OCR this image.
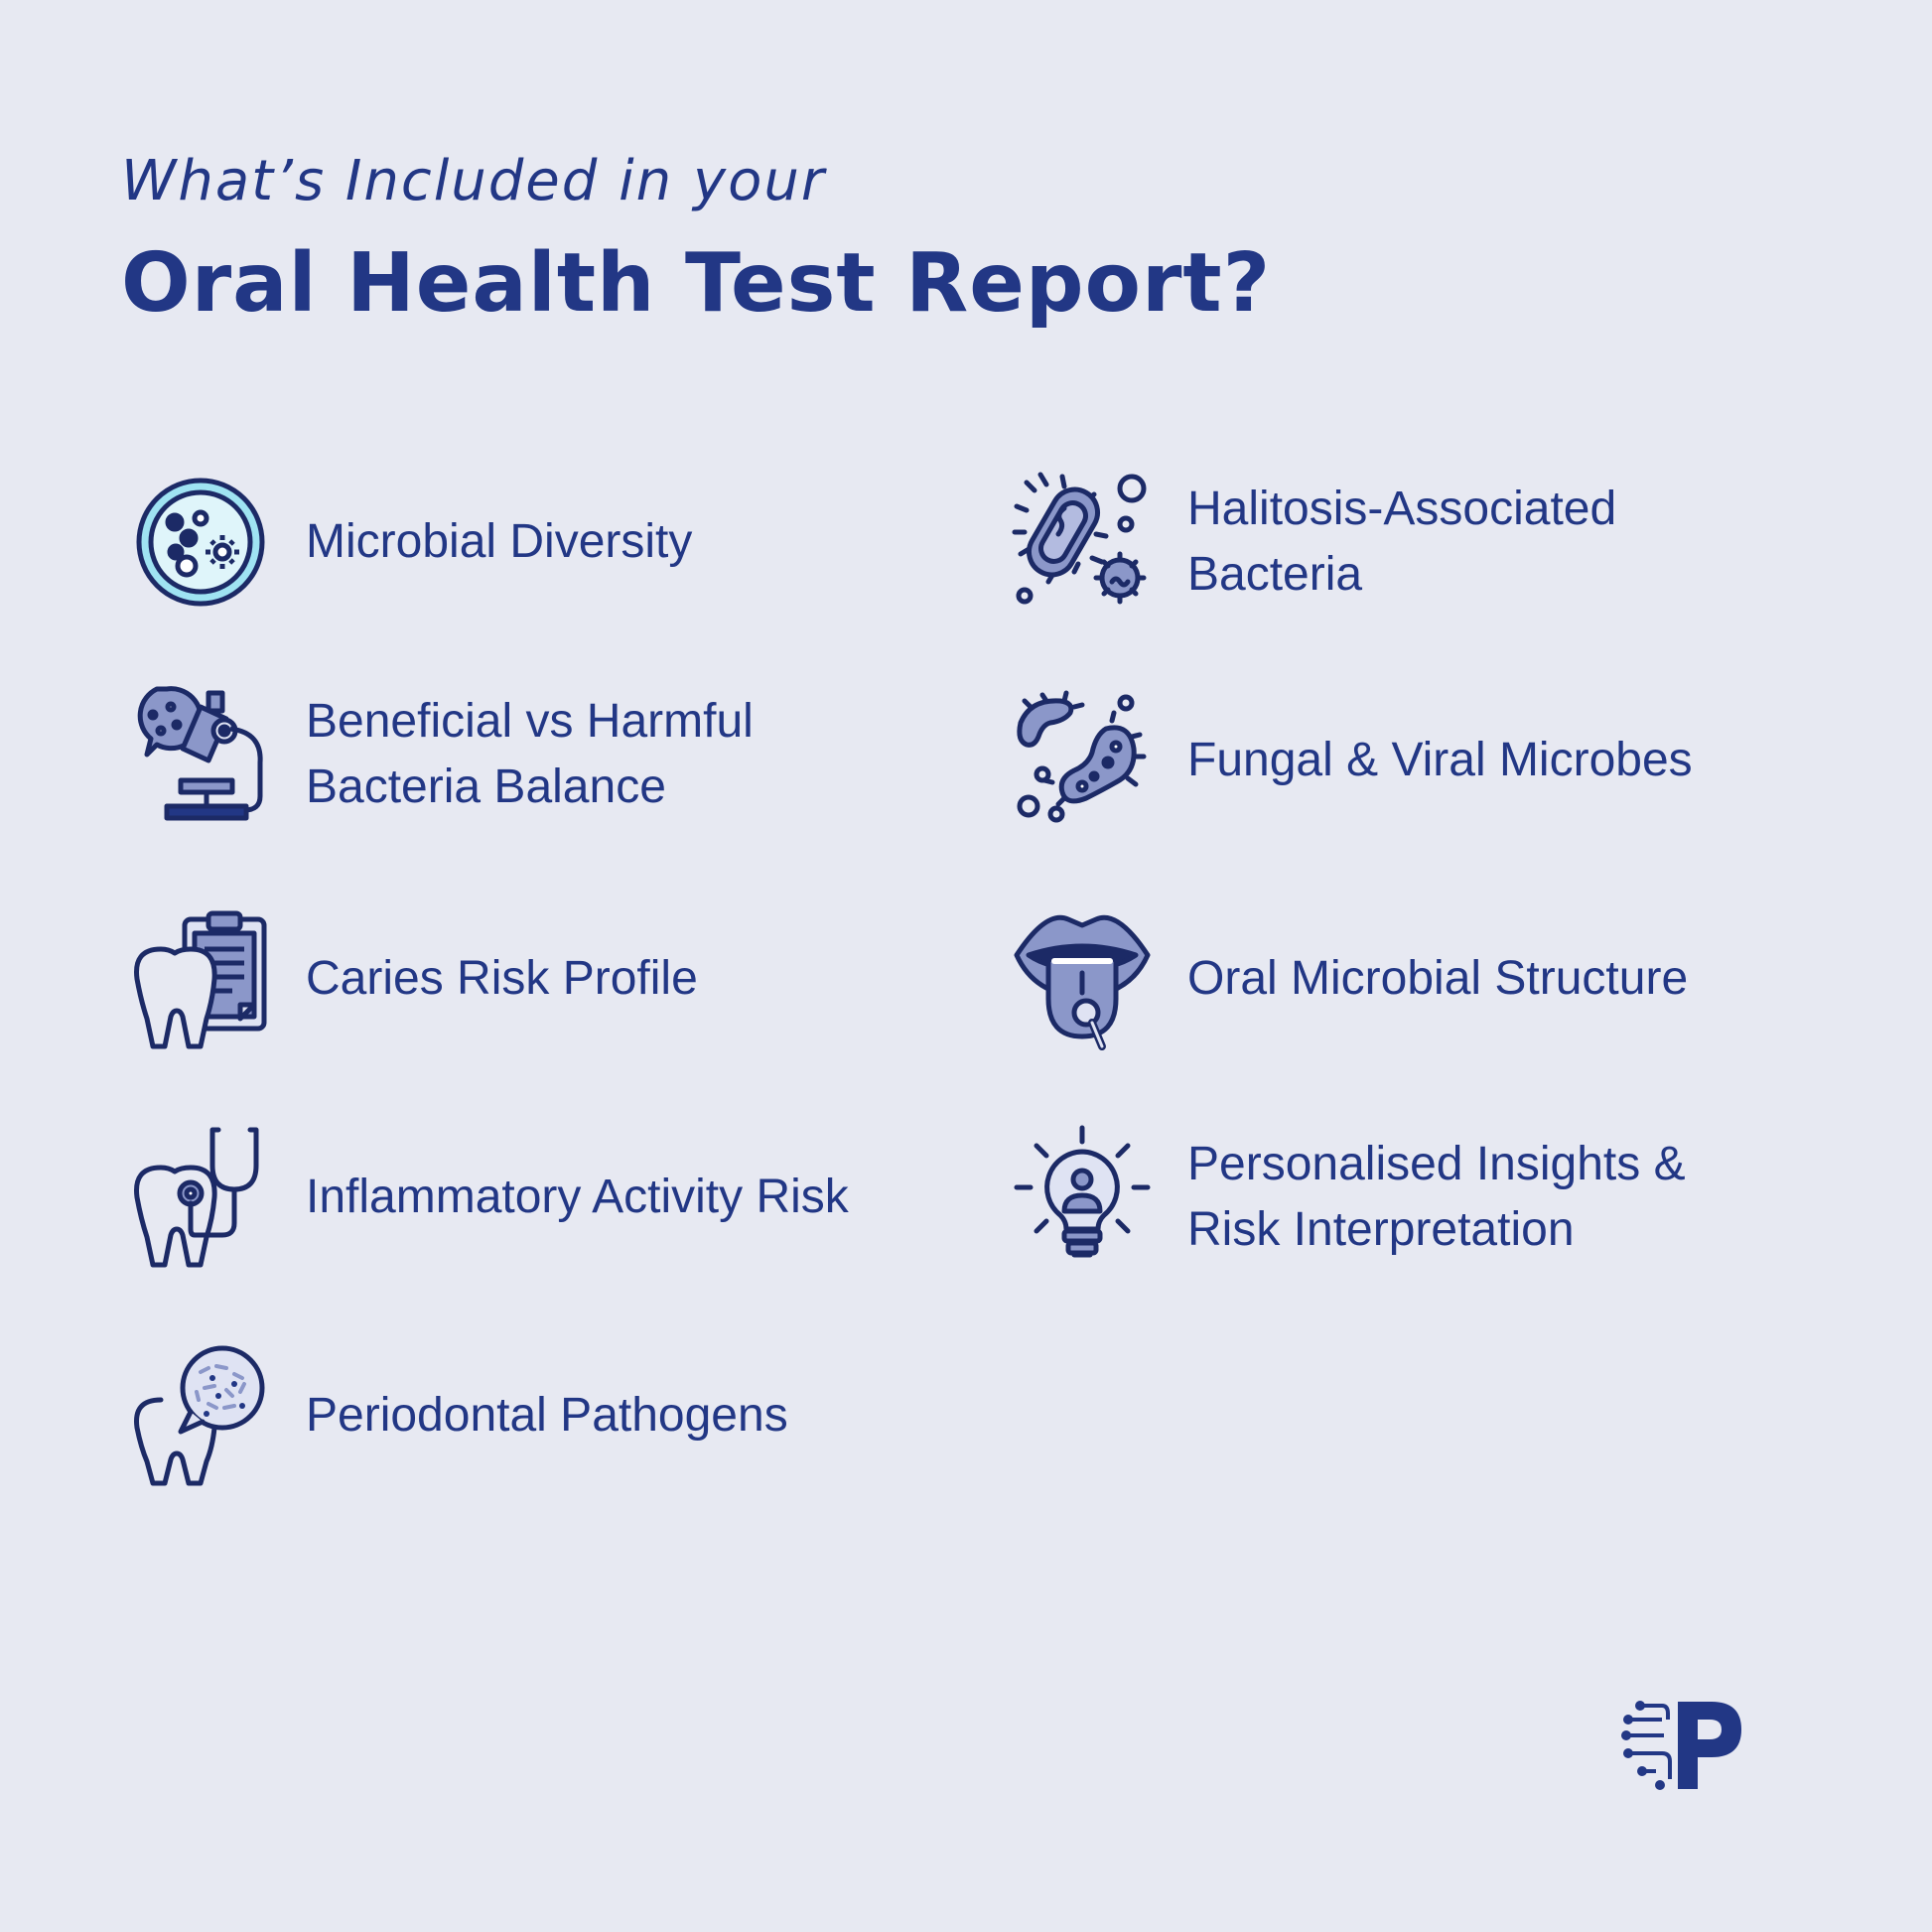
What’s Included in your
Oral Health Test Report?
Microbial Diversity
Beneficial vs Harmful
Bacteria Balance
Caries Risk Profile
Inflammatory Activity Risk
Periodontal Pathogens
Halitosis-Associated
Bacteria
Fungal & Viral Microbes
Oral Microbial Structure
Personalised Insights &
Risk Interpretation
